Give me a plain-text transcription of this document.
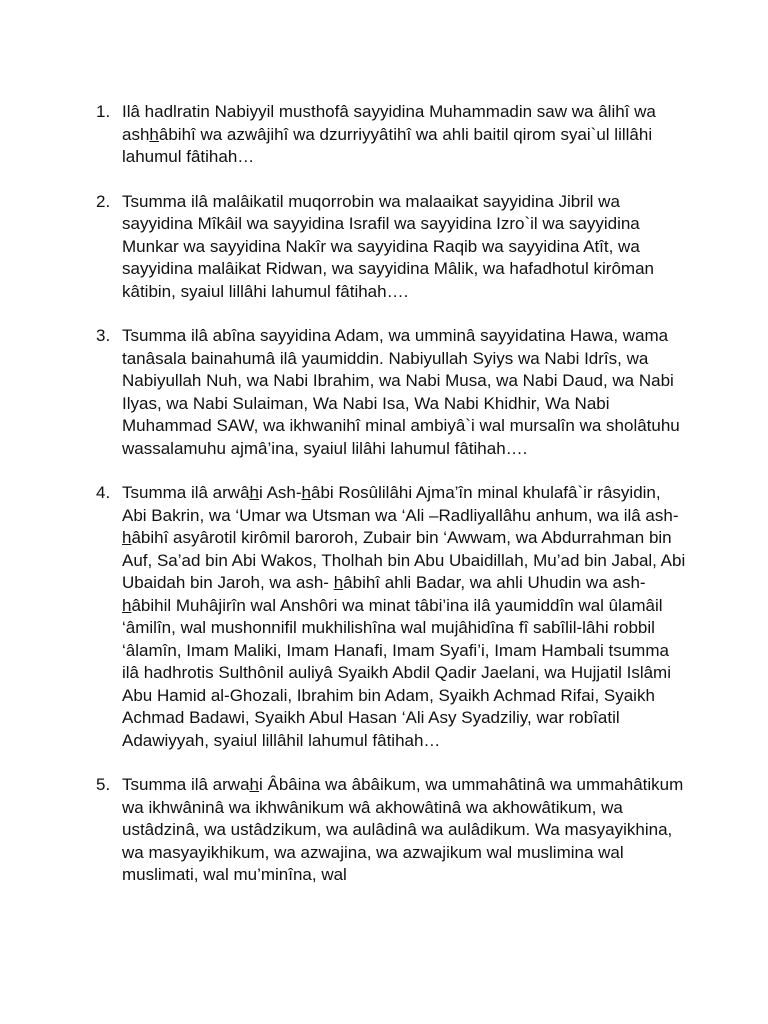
1. Ilâ hadlratin Nabiyyil musthofâ sayyidina Muhammadin saw wa âlihî wa ashhâbihî wa azwâjihî wa dzurriyyâtihî wa ahli baitil qirom syai`ul lillâhi lahumul fâtihah…
2. Tsumma ilâ malâikatil muqorrobin wa malaaikat sayyidina Jibril wa sayyidina Mîkâil wa sayyidina Israfil wa sayyidina Izro`il wa sayyidina Munkar wa sayyidina Nakîr wa sayyidina Raqib wa sayyidina Atît, wa sayyidina malâikat Ridwan, wa sayyidina Mâlik, wa hafadhotul kirôman kâtibin, syaiul lillâhi lahumul fâtihah….
3. Tsumma ilâ abîna sayyidina Adam, wa umminâ sayyidatina Hawa, wama tanâsala bainahumâ ilâ yaumiddin. Nabiyullah Syiys wa Nabi Idrîs, wa Nabiyullah Nuh, wa Nabi Ibrahim, wa Nabi Musa, wa Nabi Daud, wa Nabi Ilyas, wa Nabi Sulaiman, Wa Nabi Isa, Wa Nabi Khidhir, Wa Nabi Muhammad SAW, wa ikhwanihî minal ambiyâ`i wal mursalîn wa sholâtuhu wassalamuhu ajmâ’ina, syaiul lilâhi lahumul fâtihah….
4. Tsumma ilâ arwâhi Ash-hâbi Rosûlilâhi Ajma’în minal khulafâ`ir râsyidin, Abi Bakrin, wa ‘Umar wa Utsman wa ‘Ali –Radliyallâhu anhum, wa ilâ ash-hâbihî asyârotil kirômil baroroh, Zubair bin ‘Awwam, wa Abdurrahman bin Auf, Sa’ad bin Abi Wakos, Tholhah bin Abu Ubaidillah, Mu’ad bin Jabal, Abi Ubaidah bin Jaroh, wa ash- hâbihî ahli Badar, wa ahli Uhudin wa ash-hâbihil Muhâjirîn wal Anshôri wa minat tâbi’ina ilâ yaumiddîn wal ûlamâil ‘âmilîn, wal mushonnifil mukhilishîna wal mujâhidîna fî sabîlil-lâhi robbil ‘âlamîn, Imam Maliki, Imam Hanafi, Imam Syafi’i, Imam Hambali tsumma ilâ hadhrotis Sulthônil auliyâ Syaikh Abdil Qadir Jaelani, wa Hujjatil Islâmi Abu Hamid al-Ghozali, Ibrahim bin Adam, Syaikh Achmad Rifai, Syaikh Achmad Badawi, Syaikh Abul Hasan ‘Ali Asy Syadziliy, war robîatil Adawiyyah, syaiul lillâhil lahumul fâtihah…
5. Tsumma ilâ arwahi Âbâina wa âbâikum, wa ummahâtinâ wa ummahâtikum wa ikhwâninâ wa ikhwânikum wâ akhowâtinâ wa akhowâtikum, wa ustâdzinâ, wa ustâdzikum, wa aulâdinâ wa aulâdikum. Wa masyayikhina, wa masyayikhikum, wa azwajina, wa azwajikum wal muslimina wal muslimati, wal mu’minîna, wal
